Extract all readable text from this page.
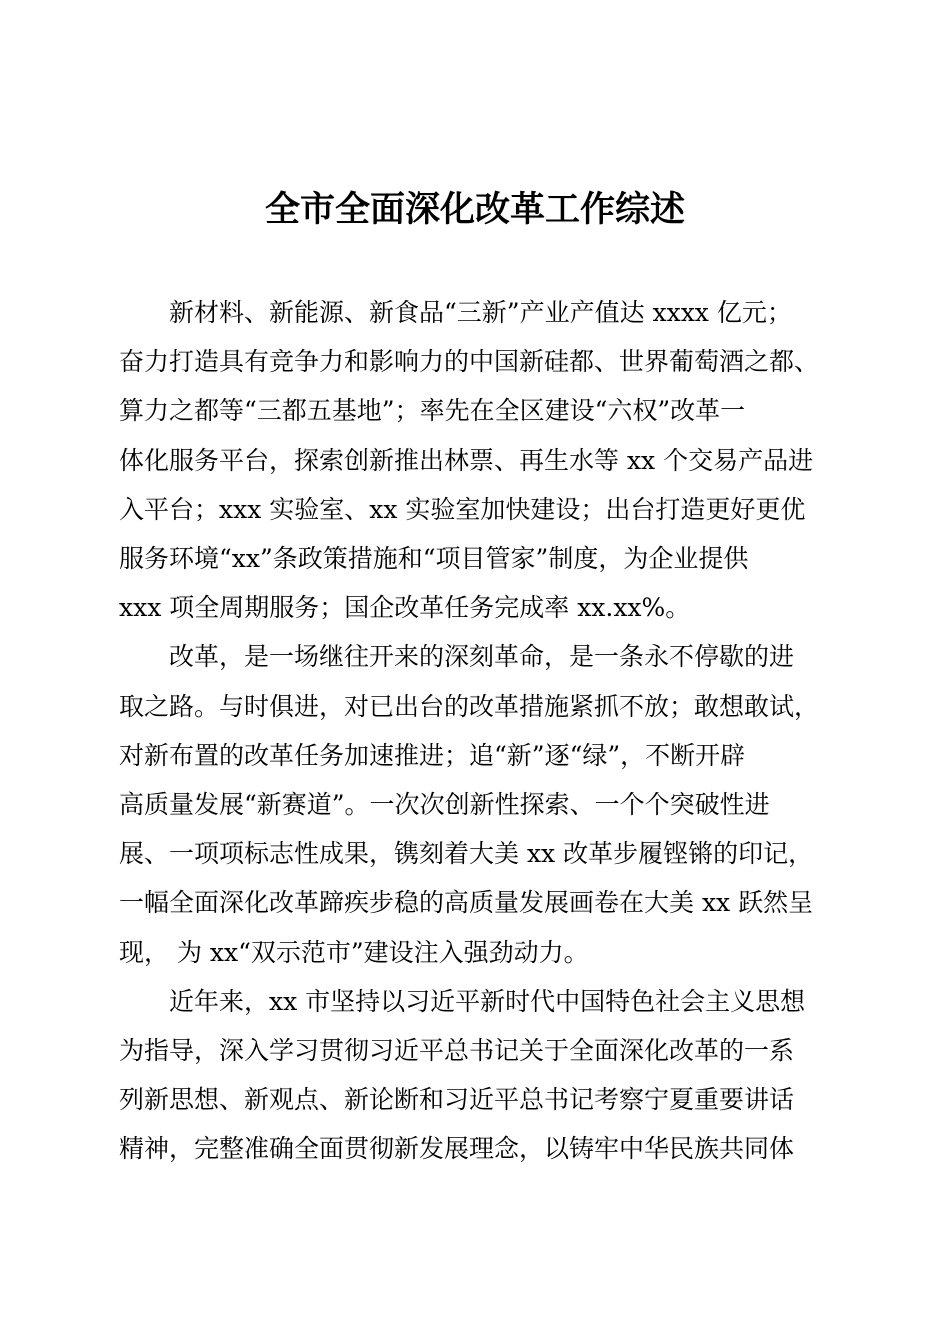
全市全面深化改革工作综述

新材料、新能源、新食品“三新”产业产值达 xxxx 亿元；
奋力打造具有竞争力和影响力的中国新硅都、世界葡萄酒之都、
算力之都等“三都五基地”；率先在全区建设“六权”改革一
体化服务平台，探索创新推出林票、再生水等 xx 个交易产品进
入平台；xxx 实验室、xx 实验室加快建设；出台打造更好更优
服务环境“xx”条政策措施和“项目管家”制度，为企业提供
xxx 项全周期服务；国企改革任务完成率 xx.xx%。

改革，是一场继往开来的深刻革命，是一条永不停歇的进
取之路。与时俱进，对已出台的改革措施紧抓不放；敢想敢试，
对新布置的改革任务加速推进；追“新”逐“绿”，不断开辟
高质量发展“新赛道”。一次次创新性探索、一个个突破性进
展、一项项标志性成果，镌刻着大美 xx 改革步履铿锵的印记，
一幅全面深化改革蹄疾步稳的高质量发展画卷在大美 xx 跃然呈
现， 为 xx“双示范市”建设注入强劲动力。

近年来，xx 市坚持以习近平新时代中国特色社会主义思想
为指导，深入学习贯彻习近平总书记关于全面深化改革的一系
列新思想、新观点、新论断和习近平总书记考察宁夏重要讲话
精神，完整准确全面贯彻新发展理念，以铸牢中华民族共同体
